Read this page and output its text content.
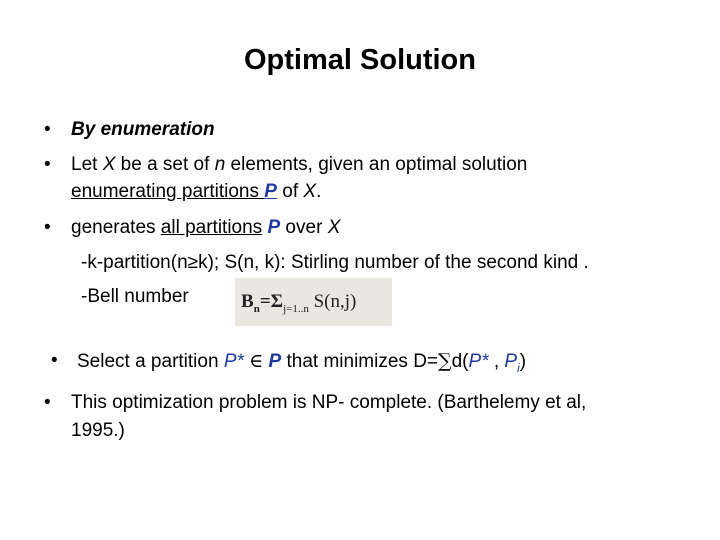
Optimal Solution
• By enumeration
• Let X be a set of n elements, given an optimal solution
enumerating partitions P of X.
• generates all partitions P over X
-k-partition(n≥k); S(n, k): Stirling number of the second kind .
-Bell number	$B_n=\Sigma_{j=1..n}$ S(n,j)
• Select a partition P* ∈ P that minimizes D=∑d(P* , $P_i$)
• This optimization problem is NP- complete. (Barthelemy et al,
1995.)
